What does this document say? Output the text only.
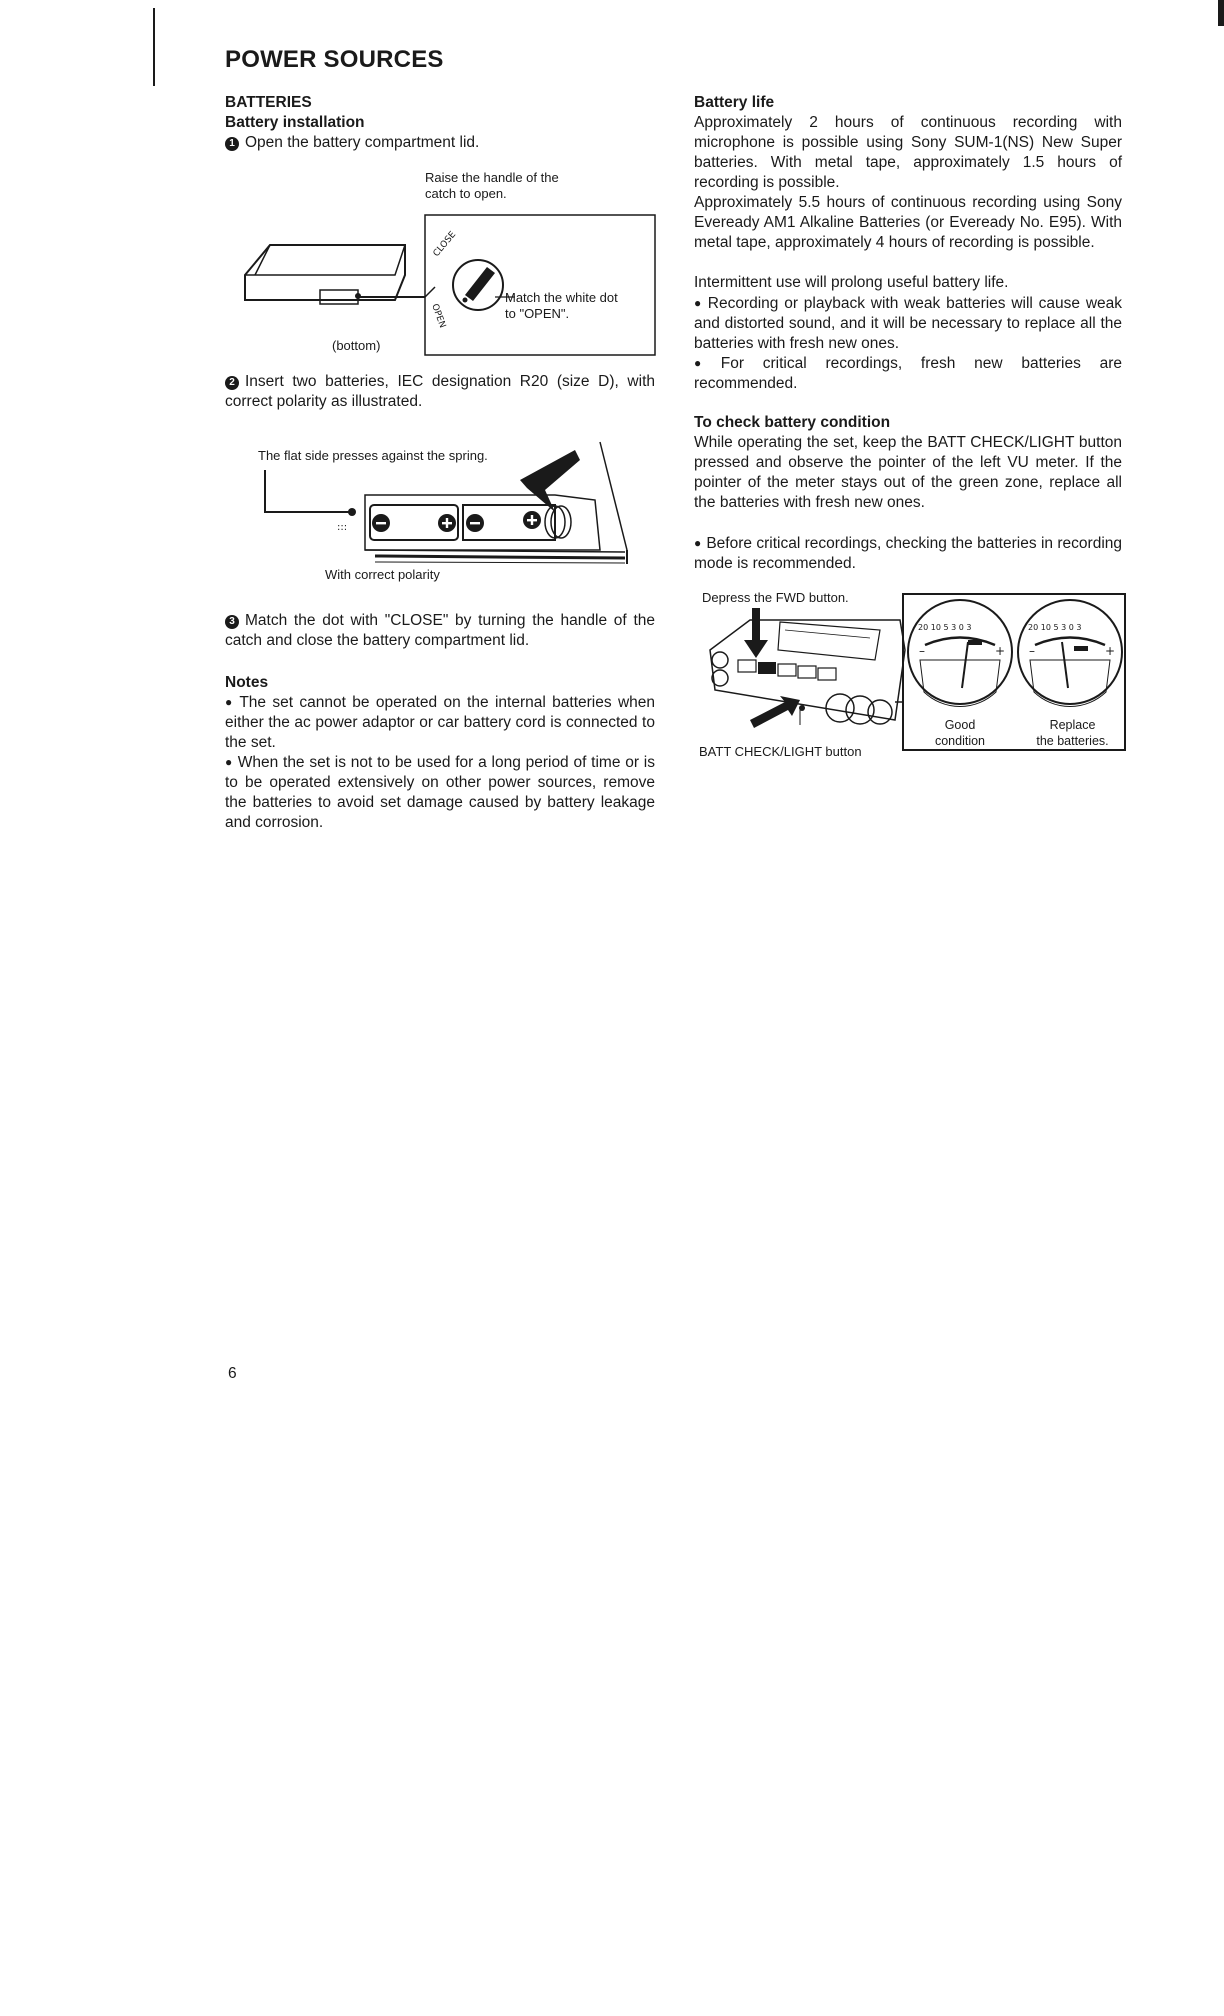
POWER SOURCES
BATTERIES
Battery installation
1 Open the battery compartment lid.
Raise the handle of the
catch to open.
CLOSE
OPEN
Match the white dot
to "OPEN".
(bottom)
2 Insert two batteries, IEC designation R20 (size D), with correct polarity as illustrated.
The flat side presses against the spring.
:::
With correct polarity
3 Match the dot with "CLOSE" by turning the handle of the catch and close the battery compartment lid.
Notes
● The set cannot be operated on the internal batteries when either the ac power adaptor or car battery cord is connected to the set.
● When the set is not to be used for a long period of time or is to be operated extensively on other power sources, remove the batteries to avoid set damage caused by battery leakage and corrosion.
Battery life
Approximately 2 hours of continuous recording with microphone is possible using Sony SUM-1(NS) New Super batteries. With metal tape, approximately 1.5 hours of recording is possible.
Approximately 5.5 hours of continuous recording using Sony Eveready AM1 Alkaline Batteries (or Eveready No. E95). With metal tape, approximately 4 hours of recording is possible.
Intermittent use will prolong useful battery life.
● Recording or playback with weak batteries will cause weak and distorted sound, and it will be necessary to replace all the batteries with fresh new ones.
● For critical recordings, fresh new batteries are recommended.
To check battery condition
While operating the set, keep the BATT CHECK/LIGHT button pressed and observe the pointer of the left VU meter. If the pointer of the meter stays out of the green zone, replace all the batteries with fresh new ones.
● Before critical recordings, checking the batteries in recording mode is recommended.
Depress the FWD button.
20 10 5 3 0 3
–	+
20 10 5 3 0 3
–	+
Good
condition
Replace
the batteries.
BATT CHECK/LIGHT button
6
